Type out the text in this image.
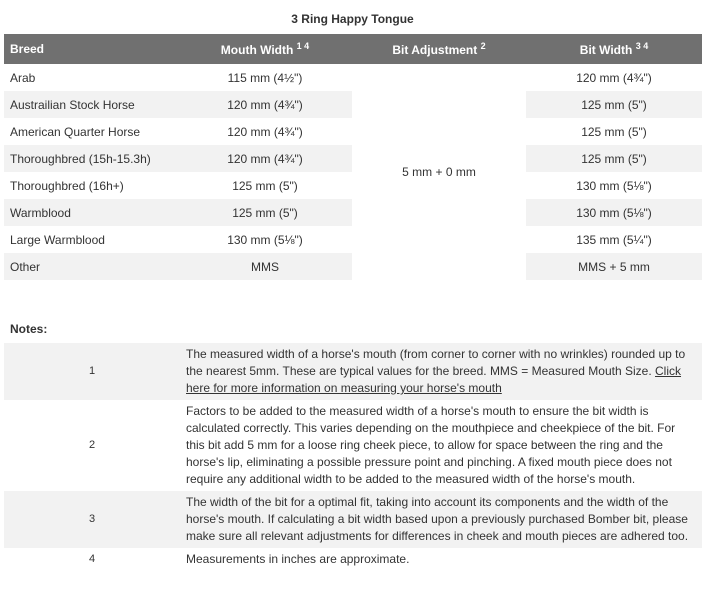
3 Ring Happy Tongue
Breed	Mouth Width $^{1 4}$	Bit Adjustment $^2$	Bit Width $^{3 4}$
Arab	115 mm (4½")	5 mm + 0 mm	120 mm (4¾")
Austrailian Stock Horse	120 mm (4¾")		125 mm (5")
American Quarter Horse	120 mm (4¾")		125 mm (5")
Thoroughbred (15h-15.3h)	120 mm (4¾")		125 mm (5")
Thoroughbred (16h+)	125 mm (5")		130 mm (5⅛")
Warmblood	125 mm (5")		130 mm (5⅛")
Large Warmblood	130 mm (5⅛")		135 mm (5¼")
Other	MMS		MMS + 5 mm
Notes:
1	The measured width of a horse's mouth (from corner to corner with no wrinkles) rounded up to the nearest 5mm. These are typical values for the breed. MMS = Measured Mouth Size. Click here for more information on measuring your horse's mouth
2	Factors to be added to the measured width of a horse's mouth to ensure the bit width is calculated correctly. This varies depending on the mouthpiece and cheekpiece of the bit. For this bit add 5 mm for a loose ring cheek piece, to allow for space between the ring and the horse's lip, eliminating a possible pressure point and pinching. A fixed mouth piece does not require any additional width to be added to the measured width of the horse's mouth.
3	The width of the bit for a optimal fit, taking into account its components and the width of the horse's mouth. If calculating a bit width based upon a previously purchased Bomber bit, please make sure all relevant adjustments for differences in cheek and mouth pieces are adhered too.
4	Measurements in inches are approximate.
